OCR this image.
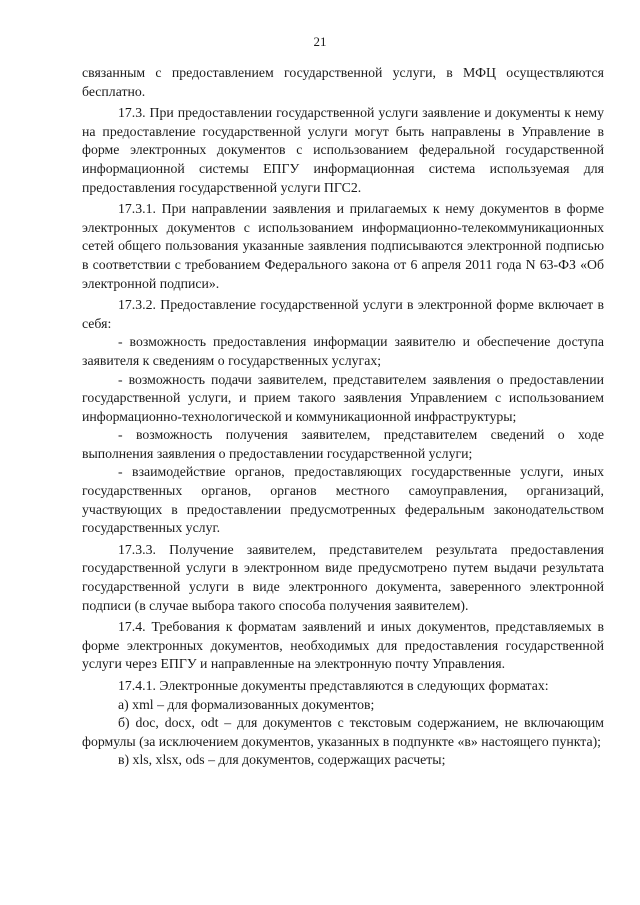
21

связанным с предоставлением государственной услуги, в МФЦ осуществляются бесплатно.

17.3. При предоставлении государственной услуги заявление и документы к нему на предоставление государственной услуги могут быть направлены в Управление в форме электронных документов с использованием федеральной государственной информационной системы ЕПГУ информационная система используемая для предоставления государственной услуги ПГС2.

17.3.1. При направлении заявления и прилагаемых к нему документов в форме электронных документов с использованием информационно-телекоммуникационных сетей общего пользования указанные заявления подписываются электронной подписью в соответствии с требованием Федерального закона от 6 апреля 2011 года N 63-ФЗ «Об электронной подписи».

17.3.2. Предоставление государственной услуги в электронной форме включает в себя:

- возможность предоставления информации заявителю и обеспечение доступа заявителя к сведениям о государственных услугах;

- возможность подачи заявителем, представителем заявления о предоставлении государственной услуги, и прием такого заявления Управлением с использованием информационно-технологической и коммуникационной инфраструктуры;

- возможность получения заявителем, представителем сведений о ходе выполнения заявления о предоставлении государственной услуги;

- взаимодействие органов, предоставляющих государственные услуги, иных государственных органов, органов местного самоуправления, организаций, участвующих в предоставлении предусмотренных федеральным законодательством государственных услуг.

17.3.3. Получение заявителем, представителем результата предоставления государственной услуги в электронном виде предусмотрено путем выдачи результата государственной услуги в виде электронного документа, заверенного электронной подписи (в случае выбора такого способа получения заявителем).

17.4. Требования к форматам заявлений и иных документов, представляемых в форме электронных документов, необходимых для предоставления государственной услуги через ЕПГУ и направленные на электронную почту Управления.

17.4.1. Электронные документы представляются в следующих форматах:

а) xml – для формализованных документов;

б) doc, docx, odt – для документов с текстовым содержанием, не включающим формулы (за исключением документов, указанных в подпункте «в» настоящего пункта);

в) xls, xlsx, ods – для документов, содержащих расчеты;
